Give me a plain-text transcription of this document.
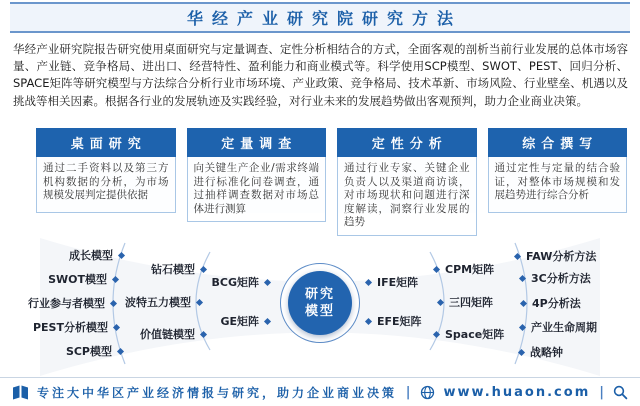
华经产业研究院研究方法

华经产业研究院报告研究使用桌面研究与定量调查、定性分析相结合的方式，全面客观的剖析当前行业发展的总体市场容量、产业链、竞争格局、进出口、经营特性、盈利能力和商业模式等。科学使用SCP模型、SWOT、PEST、回归分析、SPACE矩阵等研究模型与方法综合分析行业市场环境、产业政策、竞争格局、技术革新、市场风险、行业壁垒、机遇以及挑战等相关因素。根据各行业的发展轨迹及实践经验，对行业未来的发展趋势做出客观预判，助力企业商业决策。

桌面研究
通过二手资料以及第三方机构数据的分析，为市场规模发展判定提供依据
定量调查
向关键生产企业/需求终端进行标准化问卷调查，通过抽样调查数据对市场总体进行测算
定性分析
通过行业专家、关键企业负责人以及渠道商访谈，对市场现状和问题进行深度解读，洞察行业发展的趋势
综合撰写
通过定性与定量的结合验证，对整体市场规模和发展趋势进行综合分析
成长模型
SWOT模型
行业参与者模型
PEST分析模型
SCP模型
钻石模型
波特五力模型
价值链模型
BCG矩阵
GE矩阵
研究
模型
IFE矩阵
EFE矩阵
CPM矩阵
三四矩阵
Space矩阵
FAW分析方法
3C分析方法
4P分析法
产业生命周期
战略钟
专注大中华区产业经济情报与研究，助力企业商业决策 |	www.huaon.com |
